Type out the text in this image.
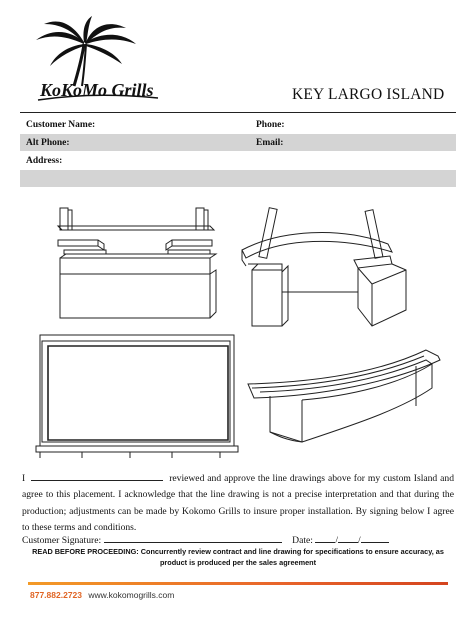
KoKoMo Grills	KEY LARGO ISLAND
Customer Name:	Phone:
Alt Phone:	Email:
Address:
I	reviewed and approve the line drawings above for my custom Island and agree to this placement. I acknowledge that the line drawing is not a precise interpretation and that during the production; adjustments can be made by Kokomo Grills to insure proper installation. By signing below I agree to these terms and conditions.
Customer Signature:	Date: / /
READ BEFORE PROCEEDING: Concurrently review contract and line drawing for specifications to ensure accuracy, as
product is produced per the sales agreement
877.882.2723 www.kokomogrills.com
